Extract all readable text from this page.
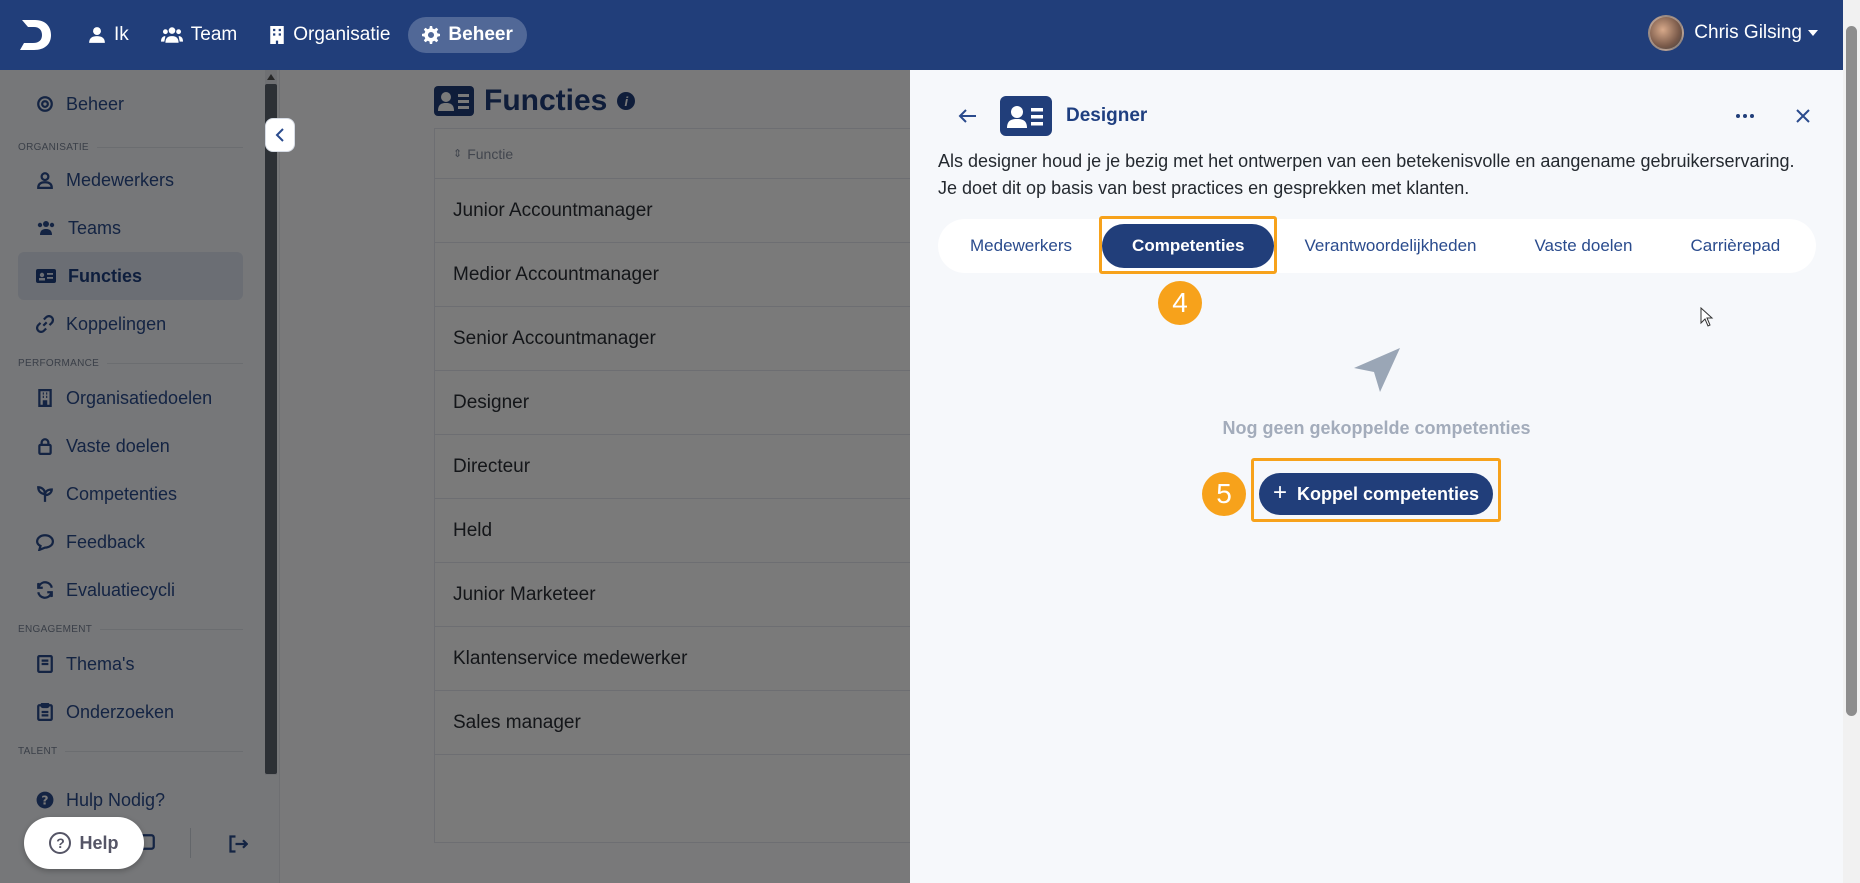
Ik	Team	Organisatie	Beheer	Chris Gilsing
? Help
Designer
Als designer houd je je bezig met het ontwerpen van een betekenisvolle en aangename gebruikerservaring. Je doet dit op basis van best practices en gesprekken met klanten.
Medewerkers	Competenties	Verantwoordelijkheden	Vaste doelen	Carrièrepad
4
Nog geen gekoppelde competenties
5	+ Koppel competenties
